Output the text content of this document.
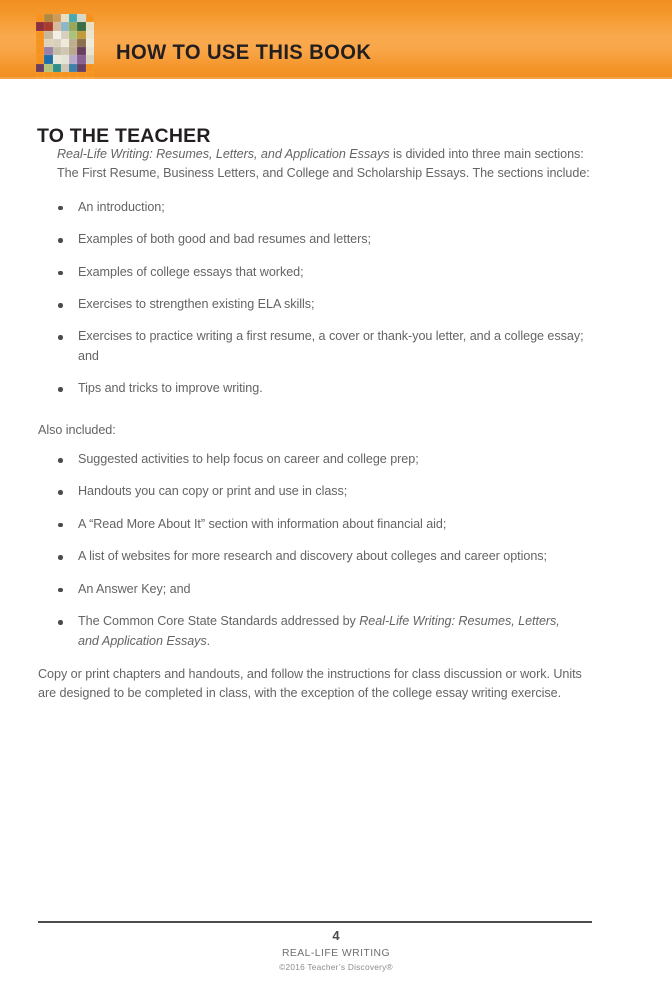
HOW TO USE THIS BOOK
TO THE TEACHER

Real-Life Writing: Resumes, Letters, and Application Essays is divided into three main sections: The First Resume, Business Letters, and College and Scholarship Essays. The sections include:

An introduction;
Examples of both good and bad resumes and letters;
Examples of college essays that worked;
Exercises to strengthen existing ELA skills;
Exercises to practice writing a first resume, a cover or thank-you letter, and a college essay; and
Tips and tricks to improve writing.

Also included:

Suggested activities to help focus on career and college prep;
Handouts you can copy or print and use in class;
A “Read More About It” section with information about financial aid;
A list of websites for more research and discovery about colleges and career options;
An Answer Key; and
The Common Core State Standards addressed by Real-Life Writing: Resumes, Letters, and Application Essays.

Copy or print chapters and handouts, and follow the instructions for class discussion or work. Units are designed to be completed in class, with the exception of the college essay writing exercise.

4
REAL-LIFE WRITING
©2016 Teacher’s Discovery®
